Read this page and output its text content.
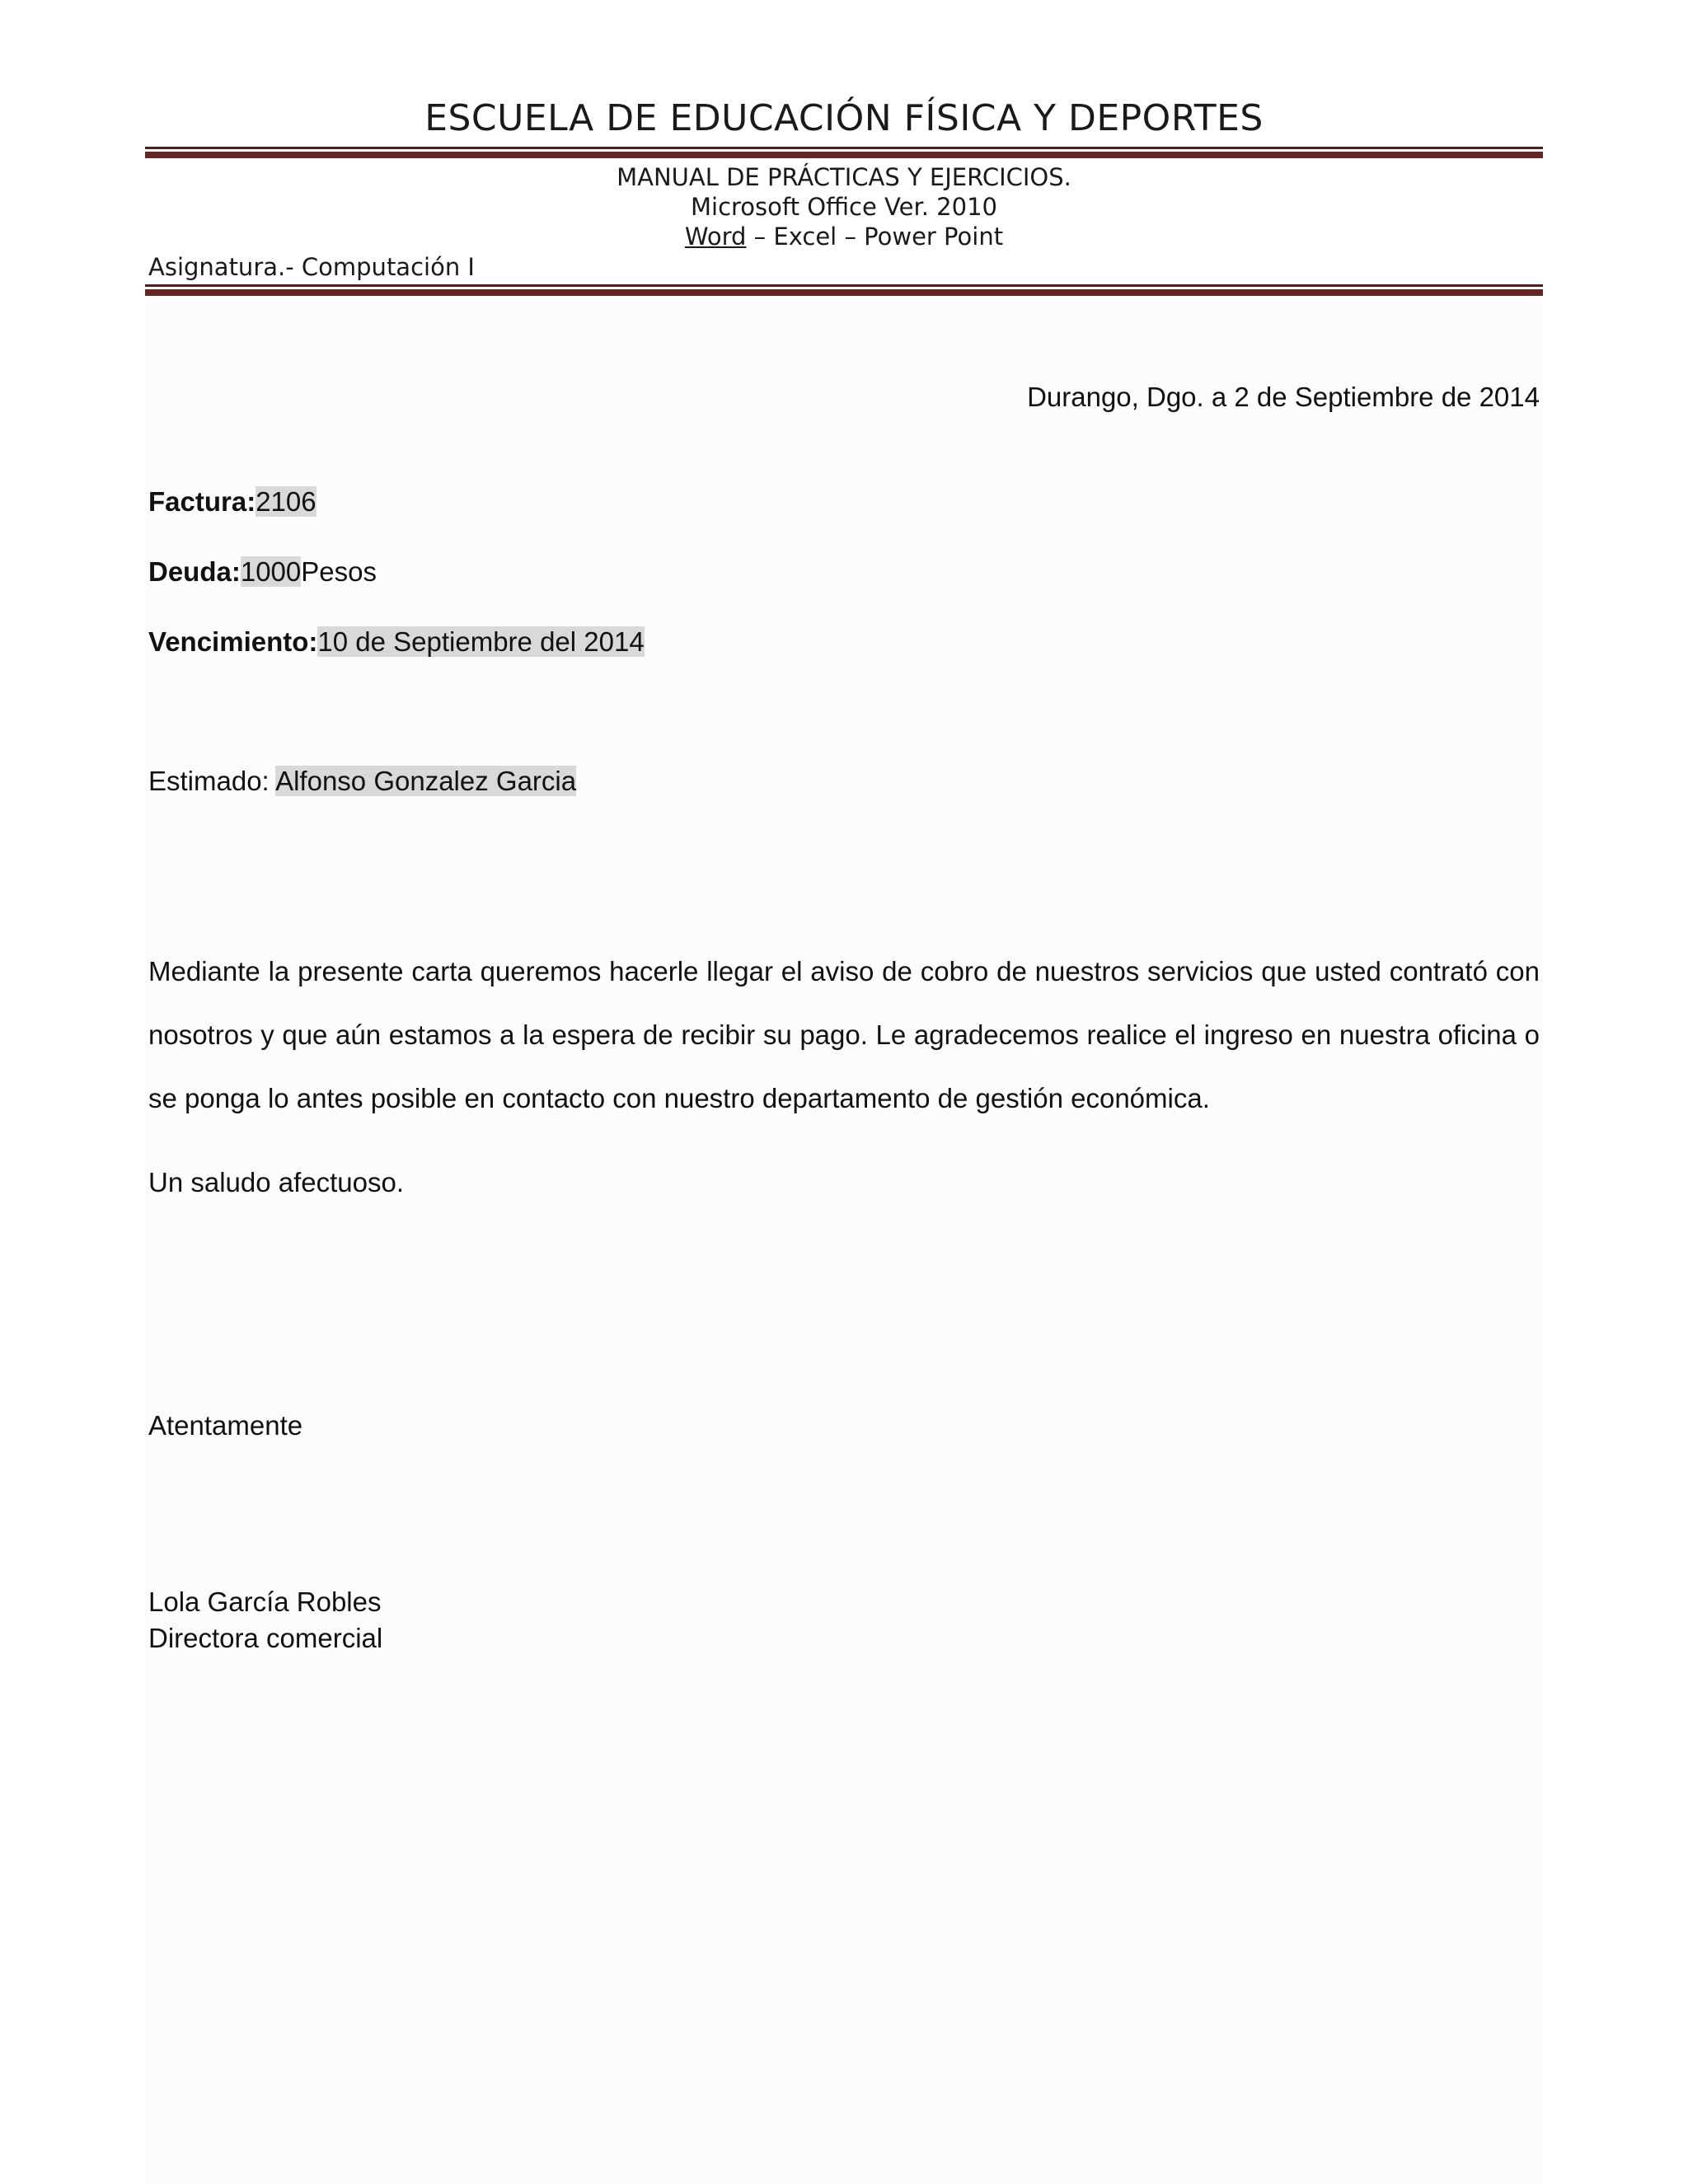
ESCUELA DE EDUCACIÓN FÍSICA Y DEPORTES
MANUAL DE PRÁCTICAS Y EJERCICIOS.
Microsoft Office Ver. 2010
Word – Excel – Power Point
Asignatura.- Computación I
Durango, Dgo. a 2 de Septiembre de 2014
Factura:2106
Deuda:1000Pesos
Vencimiento:10 de Septiembre del 2014
Estimado: Alfonso Gonzalez Garcia
Mediante la presente carta queremos hacerle llegar el aviso de cobro de nuestros servicios que usted contrató con nosotros y que aún estamos a la espera de recibir su pago. Le agradecemos realice el ingreso en nuestra oficina o se ponga lo antes posible en contacto con nuestro departamento de gestión económica.
Un saludo afectuoso.
Atentamente
Lola García Robles
Directora comercial
